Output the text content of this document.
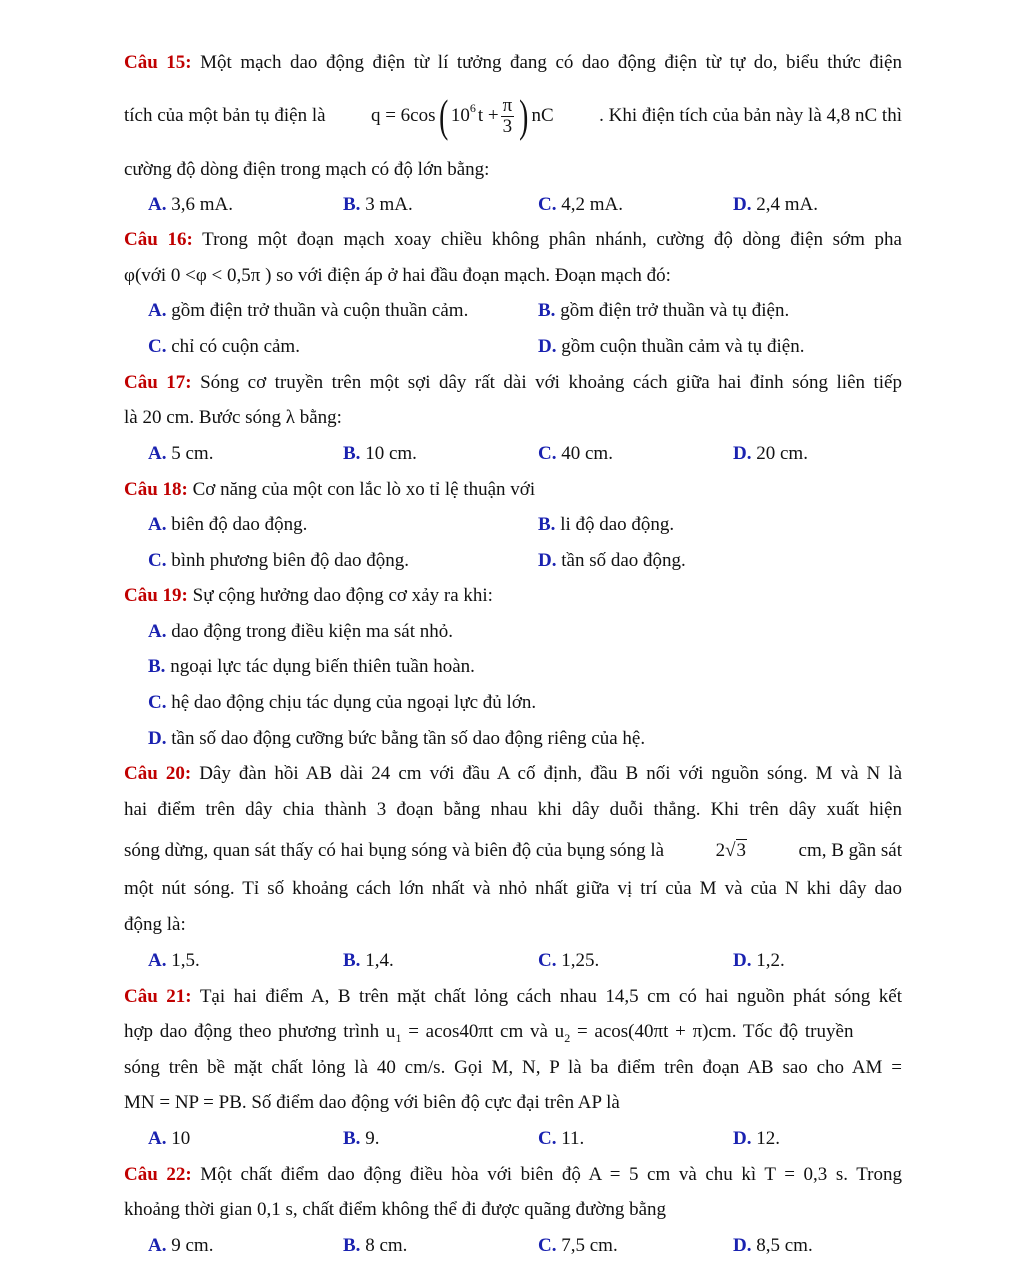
Câu 15: Một mạch dao động điện từ lí tưởng đang có dao động điện từ tự do, biểu thức điện
tích của một bản tụ điện là q = 6cos ( $10^6$ $t + \frac{\pi}{3}$ ) nC . Khi điện tích của bản này là 4,8 nC thì
cường độ dòng điện trong mạch có độ lớn bằng:
A. 3,6 mA.	B. 3 mA.	C. 4,2 mA.	D. 2,4 mA.
Câu 16: Trong một đoạn mạch xoay chiều không phân nhánh, cường độ dòng điện sớm pha
φ(với 0 <φ < 0,5π ) so với điện áp ở hai đầu đoạn mạch. Đoạn mạch đó:
A. gồm điện trở thuần và cuộn thuần cảm.	B. gồm điện trở thuần và tụ điện.
C. chỉ có cuộn cảm.	D. gồm cuộn thuần cảm và tụ điện.
Câu 17: Sóng cơ truyền trên một sợi dây rất dài với khoảng cách giữa hai đỉnh sóng liên tiếp
là 20 cm. Bước sóng λ bằng:
A. 5 cm.	B. 10 cm.	C. 40 cm.	D. 20 cm.
Câu 18: Cơ năng của một con lắc lò xo tỉ lệ thuận với
A. biên độ dao động.	B. li độ dao động.
C. bình phương biên độ dao động.	D. tần số dao động.
Câu 19: Sự cộng hưởng dao động cơ xảy ra khi:
A. dao động trong điều kiện ma sát nhỏ.
B. ngoại lực tác dụng biến thiên tuần hoàn.
C. hệ dao động chịu tác dụng của ngoại lực đủ lớn.
D. tần số dao động cưỡng bức bằng tần số dao động riêng của hệ.
Câu 20: Dây đàn hồi AB dài 24 cm với đầu A cố định, đầu B nối với nguồn sóng. M và N là
hai điểm trên dây chia thành 3 đoạn bằng nhau khi dây duỗi thẳng. Khi trên dây xuất hiện
sóng dừng, quan sát thấy có hai bụng sóng và biên độ của bụng sóng là	2√3	cm, B gần sát
một nút sóng. Tỉ số khoảng cách lớn nhất và nhỏ nhất giữa vị trí của M và của N khi dây dao
động là:
A. 1,5.	B. 1,4.	C. 1,25.	D. 1,2.
Câu 21: Tại hai điểm A, B trên mặt chất lỏng cách nhau 14,5 cm có hai nguồn phát sóng kết
hợp dao động theo phương trình $u_1 = acos40\pi t$ cm và $u_2 = acos(40\pi t + \pi)cm$. Tốc độ truyền
sóng trên bề mặt chất lỏng là 40 cm/s. Gọi M, N, P là ba điểm trên đoạn AB sao cho AM =
MN = NP = PB. Số điểm dao động với biên độ cực đại trên AP là
A. 10	B. 9.	C. 11.	D. 12.
Câu 22: Một chất điểm dao động điều hòa với biên độ A = 5 cm và chu kì T = 0,3 s. Trong
khoảng thời gian 0,1 s, chất điểm không thể đi được quãng đường bằng
A. 9 cm.	B. 8 cm.	C. 7,5 cm.	D. 8,5 cm.
